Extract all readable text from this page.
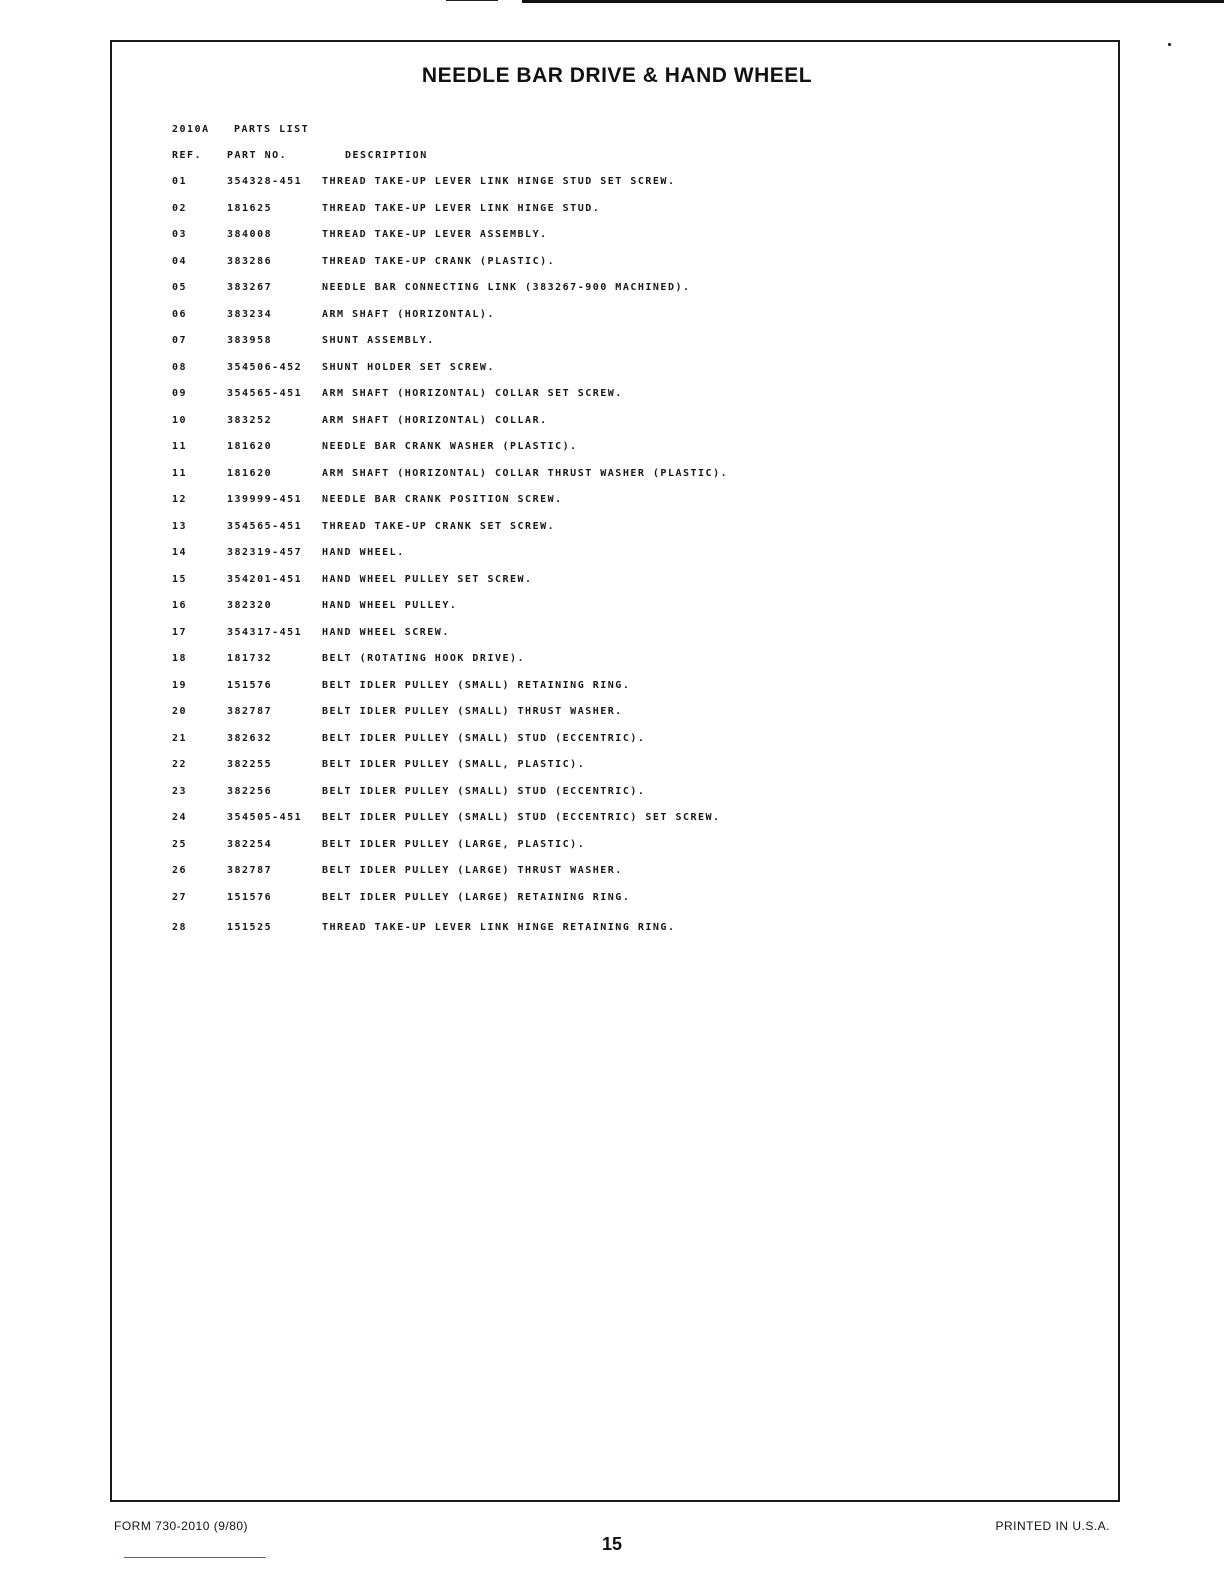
NEEDLE BAR DRIVE & HAND WHEEL
2010A PARTS LIST
REF. PART NO.	DESCRIPTION
01	354328-451 THREAD TAKE-UP LEVER LINK HINGE STUD SET SCREW.
02	181625	THREAD TAKE-UP LEVER LINK HINGE STUD.
03	384008	THREAD TAKE-UP LEVER ASSEMBLY.
04	383286	THREAD TAKE-UP CRANK (PLASTIC).
05	383267	NEEDLE BAR CONNECTING LINK (383267-900 MACHINED).
06	383234	ARM SHAFT (HORIZONTAL).
07	383958	SHUNT ASSEMBLY.
08	354506-452 SHUNT HOLDER SET SCREW.
09	354565-451 ARM SHAFT (HORIZONTAL) COLLAR SET SCREW.
10	383252	ARM SHAFT (HORIZONTAL) COLLAR.
11	181620	NEEDLE BAR CRANK WASHER (PLASTIC).
11	181620	ARM SHAFT (HORIZONTAL) COLLAR THRUST WASHER (PLASTIC).
12	139999-451 NEEDLE BAR CRANK POSITION SCREW.
13	354565-451 THREAD TAKE-UP CRANK SET SCREW.
14	382319-457 HAND WHEEL.
15	354201-451 HAND WHEEL PULLEY SET SCREW.
16	382320	HAND WHEEL PULLEY.
17	354317-451 HAND WHEEL SCREW.
18	181732	BELT (ROTATING HOOK DRIVE).
19	151576	BELT IDLER PULLEY (SMALL) RETAINING RING.
20	382787	BELT IDLER PULLEY (SMALL) THRUST WASHER.
21	382632	BELT IDLER PULLEY (SMALL) STUD (ECCENTRIC).
22	382255	BELT IDLER PULLEY (SMALL, PLASTIC).
23	382256	BELT IDLER PULLEY (SMALL) STUD (ECCENTRIC).
24	354505-451 BELT IDLER PULLEY (SMALL) STUD (ECCENTRIC) SET SCREW.
25	382254	BELT IDLER PULLEY (LARGE, PLASTIC).
26	382787	BELT IDLER PULLEY (LARGE) THRUST WASHER.
27	151576	BELT IDLER PULLEY (LARGE) RETAINING RING.
28	151525	THREAD TAKE-UP LEVER LINK HINGE RETAINING RING.
FORM 730-2010 (9/80)
15
PRINTED IN U.S.A.
